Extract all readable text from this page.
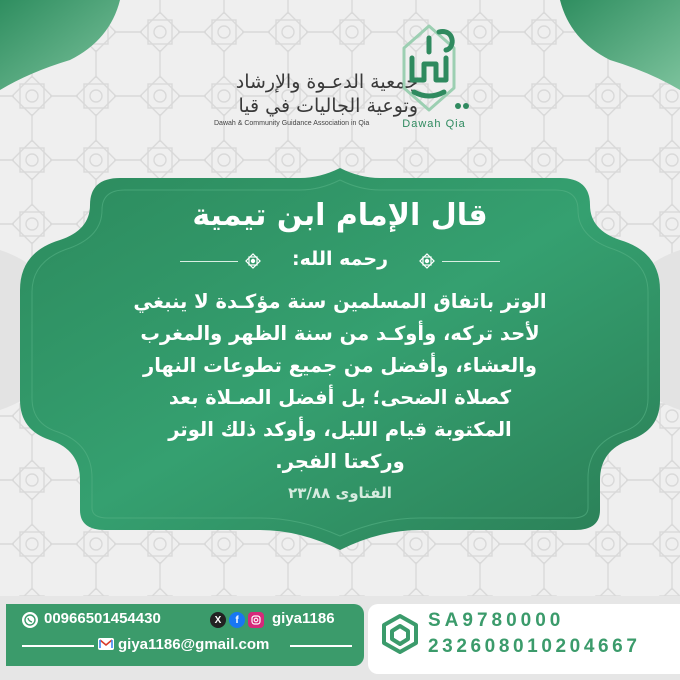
جمعية الدعـوة والإرشاد
وتوعية الجاليات في قيا
Dawah & Community Guidance Association in Qia	Dawah Qia
قال الإمام ابن تيمية
رحمه الله:
الوتر باتفاق المسلمين سنة مؤكـدة لا ينبغي
لأحد تركه، وأوكـد من سنة الظهر والمغرب
والعشاء، وأفضل من جميع تطوعات النهار
كصلاة الضحى؛ بل أفضل الصـلاة بعد
المكتوبة قيام الليل، وأوكد ذلك الوتر
وركعتا الفجر.
الفتاوى ٢٣/٨٨
00966501454430	X	f	giya1186
giya1186@gmail.com
SA9780000
232608010204667
